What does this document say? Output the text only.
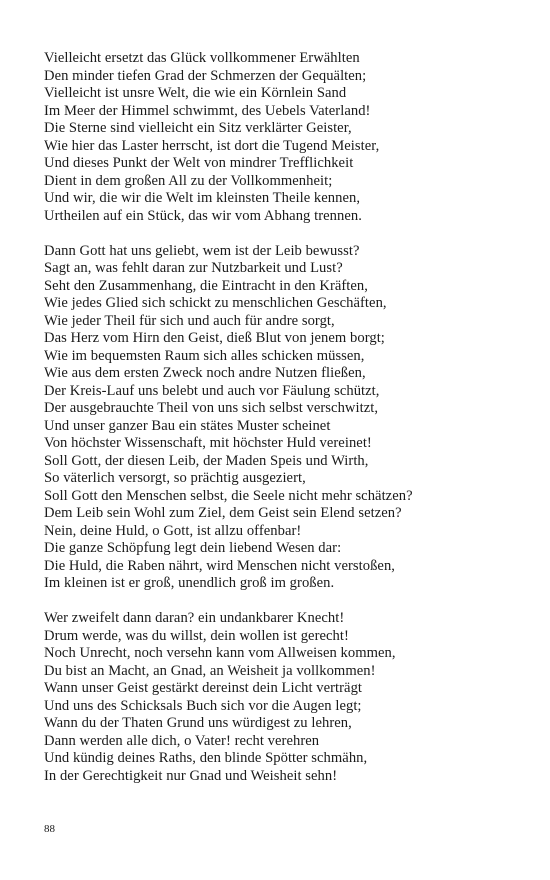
Vielleicht ersetzt das Glück vollkommener Erwählten
Den minder tiefen Grad der Schmerzen der Gequälten;
Vielleicht ist unsre Welt, die wie ein Körnlein Sand
Im Meer der Himmel schwimmt, des Uebels Vaterland!
Die Sterne sind vielleicht ein Sitz verklärter Geister,
Wie hier das Laster herrscht, ist dort die Tugend Meister,
Und dieses Punkt der Welt von mindrer Trefflichkeit
Dient in dem großen All zu der Vollkommenheit;
Und wir, die wir die Welt im kleinsten Theile kennen,
Urtheilen auf ein Stück, das wir vom Abhang trennen.
Dann Gott hat uns geliebt, wem ist der Leib bewusst?
Sagt an, was fehlt daran zur Nutzbarkeit und Lust?
Seht den Zusammenhang, die Eintracht in den Kräften,
Wie jedes Glied sich schickt zu menschlichen Geschäften,
Wie jeder Theil für sich und auch für andre sorgt,
Das Herz vom Hirn den Geist, dieß Blut von jenem borgt;
Wie im bequemsten Raum sich alles schicken müssen,
Wie aus dem ersten Zweck noch andre Nutzen fließen,
Der Kreis-Lauf uns belebt und auch vor Fäulung schützt,
Der ausgebrauchte Theil von uns sich selbst verschwitzt,
Und unser ganzer Bau ein stätes Muster scheinet
Von höchster Wissenschaft, mit höchster Huld vereinet!
Soll Gott, der diesen Leib, der Maden Speis und Wirth,
So väterlich versorgt, so prächtig ausgeziert,
Soll Gott den Menschen selbst, die Seele nicht mehr schätzen?
Dem Leib sein Wohl zum Ziel, dem Geist sein Elend setzen?
Nein, deine Huld, o Gott, ist allzu offenbar!
Die ganze Schöpfung legt dein liebend Wesen dar:
Die Huld, die Raben nährt, wird Menschen nicht verstoßen,
Im kleinen ist er groß, unendlich groß im großen.
Wer zweifelt dann daran? ein undankbarer Knecht!
Drum werde, was du willst, dein wollen ist gerecht!
Noch Unrecht, noch versehn kann vom Allweisen kommen,
Du bist an Macht, an Gnad, an Weisheit ja vollkommen!
Wann unser Geist gestärkt dereinst dein Licht verträgt
Und uns des Schicksals Buch sich vor die Augen legt;
Wann du der Thaten Grund uns würdigest zu lehren,
Dann werden alle dich, o Vater! recht verehren
Und kündig deines Raths, den blinde Spötter schmähn,
In der Gerechtigkeit nur Gnad und Weisheit sehn!
88
